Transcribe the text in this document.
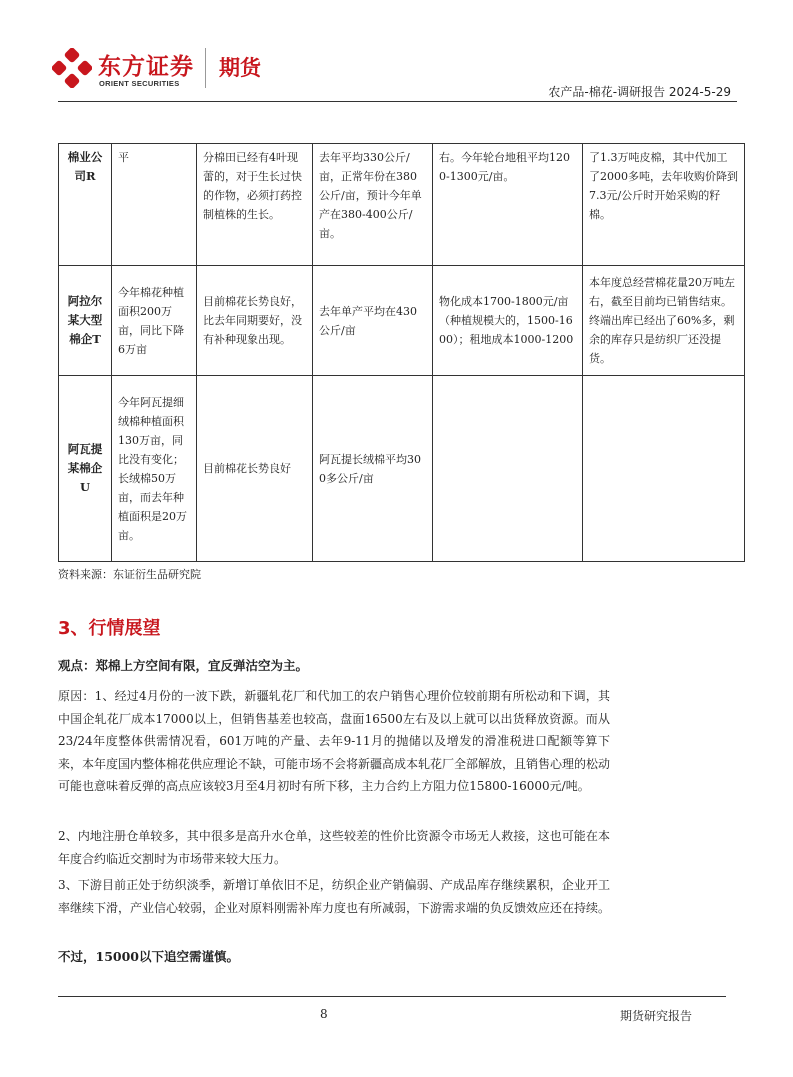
东方证券
ORIENT SECURITIES
期货
农产品-棉花-调研报告 2024-5-29
棉业公司R	平	分棉田已经有4叶现蕾的，对于生长过快的作物，必须打药控制植株的生长。	去年平均330公斤/亩，正常年份在380公斤/亩，预计今年单产在380-400公斤/亩。	右。今年轮台地租平均1200-1300元/亩。	了1.3万吨皮棉，其中代加工了2000多吨，去年收购价降到7.3元/公斤时开始采购的籽棉。
阿拉尔某大型棉企T	今年棉花种植面积200万亩，同比下降6万亩	目前棉花长势良好，比去年同期要好，没有补种现象出现。	去年单产平均在430公斤/亩	物化成本1700-1800元/亩（种植规模大的，1500-1600）；租地成本1000-1200	本年度总经营棉花量20万吨左右，截至目前均已销售结束。终端出库已经出了60%多，剩余的库存只是纺织厂还没提货。
阿瓦提某棉企U	今年阿瓦提细绒棉种植面积130万亩，同比没有变化；长绒棉50万亩，而去年种植面积是20万亩。	目前棉花长势良好	阿瓦提长绒棉平均300多公斤/亩		
资料来源：东证衍生品研究院
3、行情展望
观点：郑棉上方空间有限，宜反弹沽空为主。
原因：1、经过4月份的一波下跌，新疆轧花厂和代加工的农户销售心理价位较前期有所松动和下调，其中国企轧花厂成本17000以上，但销售基差也较高，盘面16500左右及以上就可以出货释放资源。而从23/24年度整体供需情况看，601万吨的产量、去年9-11月的抛储以及增发的滑准税进口配额等算下来，本年度国内整体棉花供应理论不缺，可能市场不会将新疆高成本轧花厂全部解放，且销售心理的松动可能也意味着反弹的高点应该较3月至4月初时有所下移，主力合约上方阻力位15800-16000元/吨。
2、内地注册仓单较多，其中很多是高升水仓单，这些较差的性价比资源令市场无人救接，这也可能在本年度合约临近交割时为市场带来较大压力。
3、下游目前正处于纺织淡季，新增订单依旧不足，纺织企业产销偏弱、产成品库存继续累积，企业开工率继续下滑，产业信心较弱，企业对原料刚需补库力度也有所减弱，下游需求端的负反馈效应还在持续。
不过，15000以下追空需谨慎。
8	期货研究报告
